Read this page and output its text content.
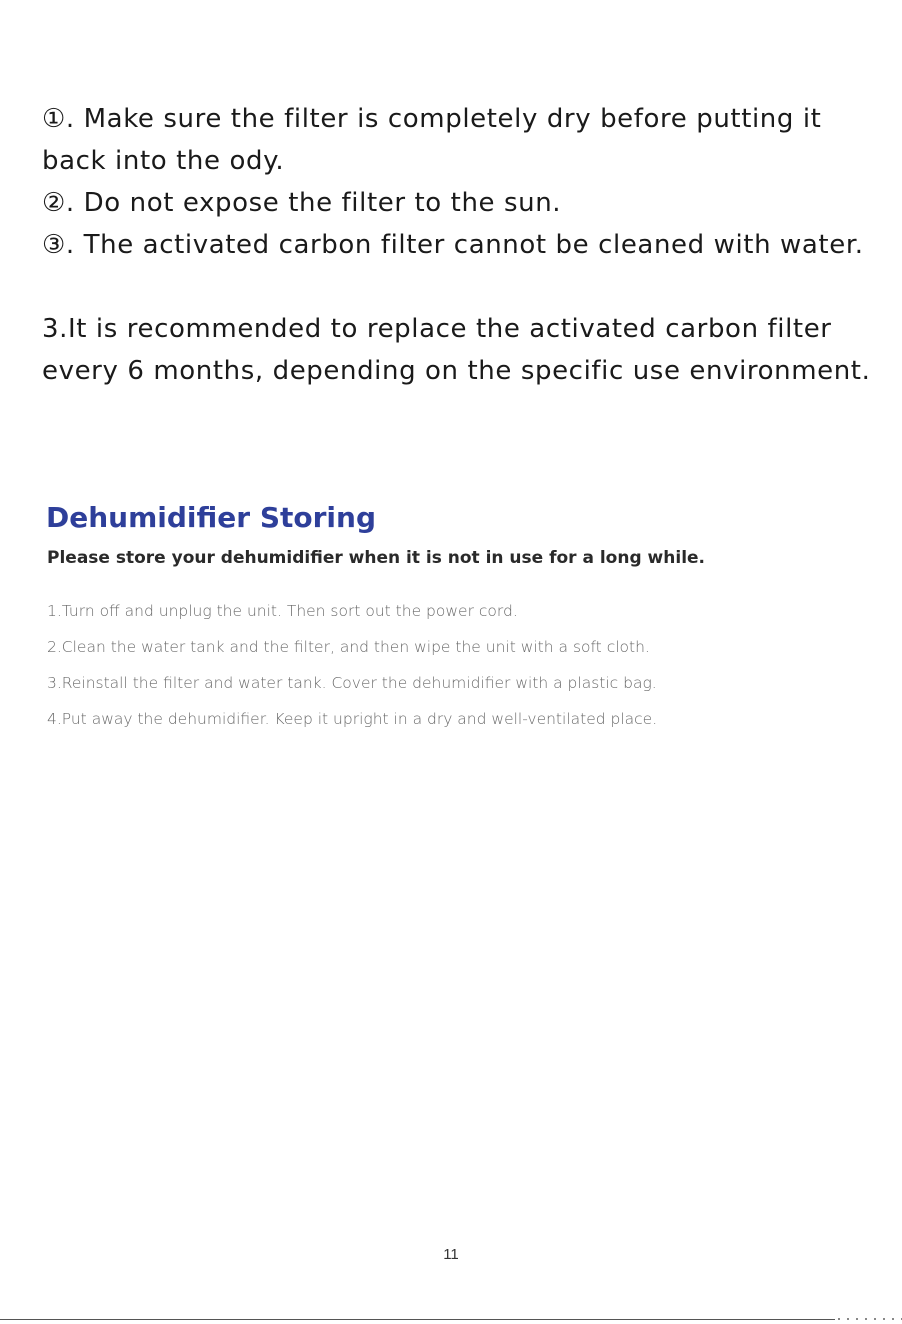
①. Make sure the filter is completely dry before putting it back into the ody.
②. Do not expose the filter to the sun.
③. The activated carbon filter cannot be cleaned with water.

3.It is recommended to replace the activated carbon filter every 6 months, depending on the specific use environment.

Dehumidifier Storing

Please store your dehumidifier when it is not in use for a long while.

1.Turn off and unplug the unit. Then sort out the power cord.
2.Clean the water tank and the filter, and then wipe the unit with a soft cloth.
3.Reinstall the filter and water tank. Cover the dehumidifier with a plastic bag.
4.Put away the dehumidifier. Keep it upright in a dry and well-ventilated place.
11
